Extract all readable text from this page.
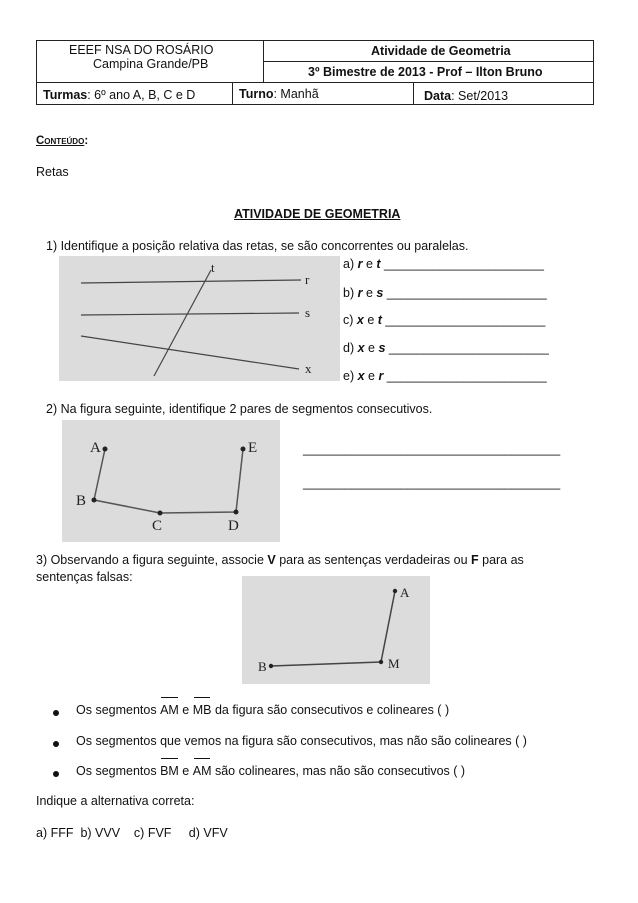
EEEF NSA DO ROSÁRIO
Campina Grande/PB
Atividade de Geometria
3º Bimestre de 2013 - Prof – Ilton Bruno
Turmas: 6º ano A, B, C e D	Turno: Manhã	Data: Set/2013
Conteúdo:
Retas
ATIVIDADE DE GEOMETRIA
1) Identifique a posição relativa das retas, se são concorrentes ou paralelas.
t
r
s
x
a) r e t _______________________
b) r e s _______________________
c) x e t _______________________
d) x e s _______________________
e) x e r _______________________
2) Na figura seguinte, identifique 2 pares de segmentos consecutivos.
A
B
C	D
E	_____________________________________
_____________________________________
3) Observando a figura seguinte, associe V para as sentenças verdadeiras ou F para as
sentenças falsas:
A
B	M
Os segmentos AM e MB da figura são consecutivos e colineares ( )
Os segmentos que vemos na figura são consecutivos, mas não são colineares ( )
Os segmentos BM e AM são colineares, mas não são consecutivos ( )
Indique a alternativa correta:
a) FFF  b) VVV    c) FVF     d) VFV
